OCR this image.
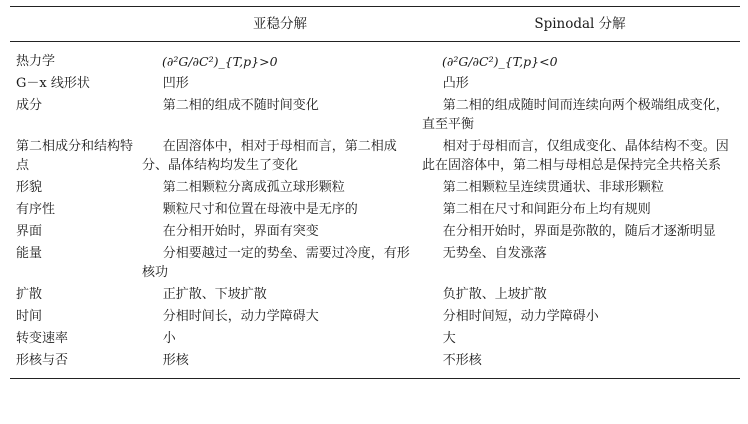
	亚稳分解	Spinodal 分解
热力学	(∂²G/∂C²)_{T,p}>0	(∂²G/∂C²)_{T,p}<0
G－x 线形状	凹形	凸形
成分	第二相的组成不随时间变化	第二相的组成随时间而连续向两个极端组成变化，直至平衡
第二相成分和结构特点	在固溶体中，相对于母相而言，第二相成分、晶体结构均发生了变化	相对于母相而言，仅组成变化、晶体结构不变。因此在固溶体中，第二相与母相总是保持完全共格关系
形貌	第二相颗粒分离成孤立球形颗粒	第二相颗粒呈连续贯通状、非球形颗粒
有序性	颗粒尺寸和位置在母液中是无序的	第二相在尺寸和间距分布上均有规则
界面	在分相开始时，界面有突变	在分相开始时，界面是弥散的，随后才逐渐明显
能量	分相要越过一定的势垒、需要过冷度，有形核功	无势垒、自发涨落
扩散	正扩散、下坡扩散	负扩散、上坡扩散
时间	分相时间长，动力学障碍大	分相时间短，动力学障碍小
转变速率	小	大
形核与否	形核	不形核
